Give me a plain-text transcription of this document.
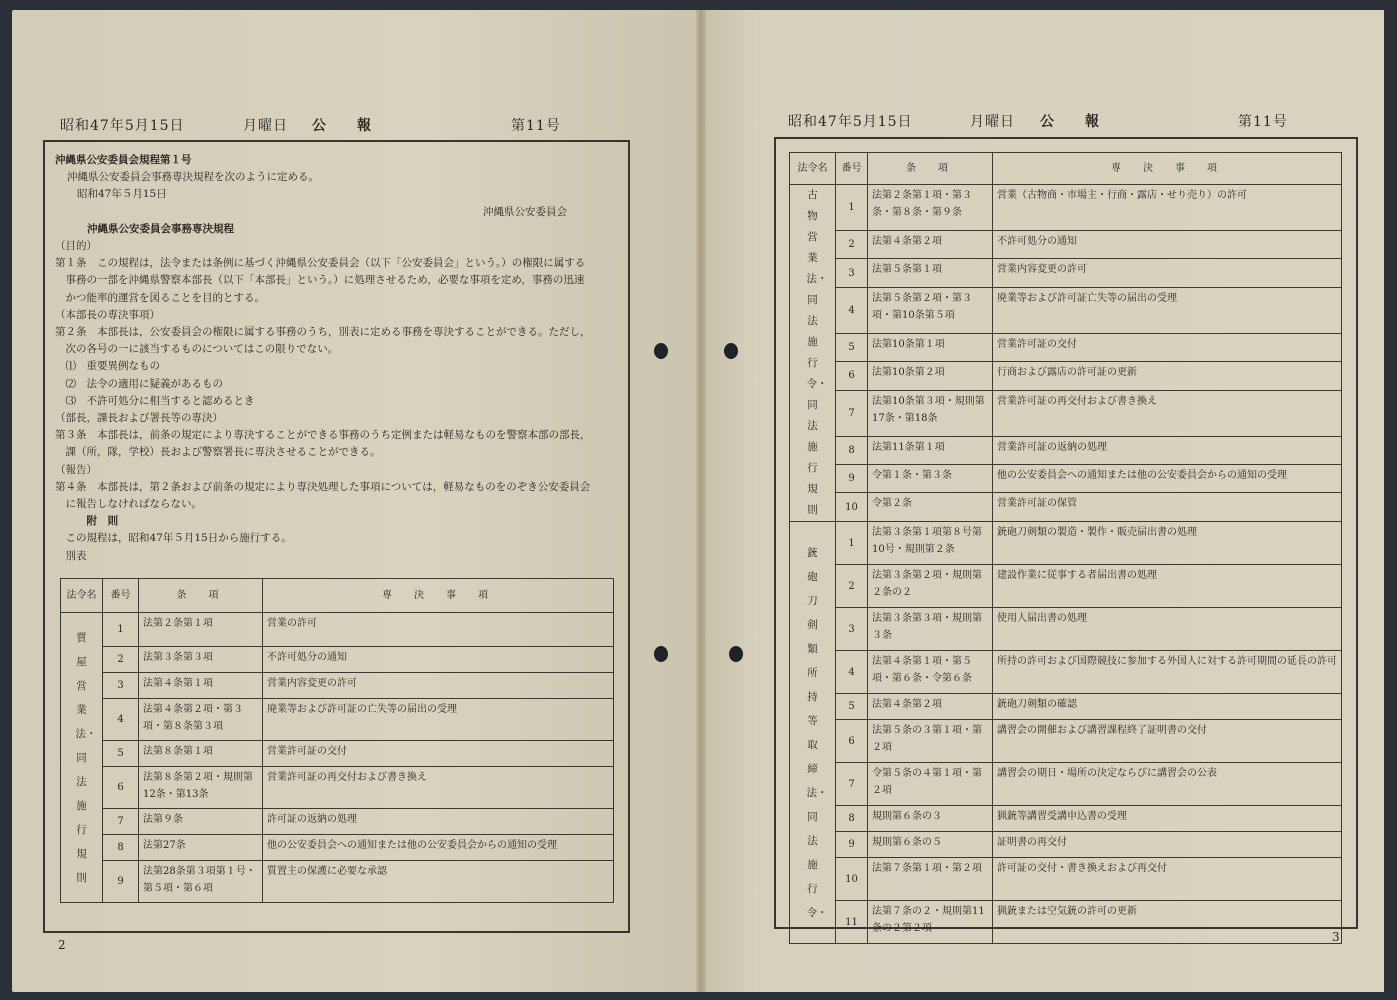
昭和47年5月15日	月曜日 公　　報	第11号
沖縄県公安委員会規程第１号
沖縄県公安委員会事務専決規程を次のように定める。
昭和47年５月15日
沖縄県公安委員会
沖縄県公安委員会事務専決規程
（目的）
第１条　この規程は，法令または条例に基づく沖縄県公安委員会（以下「公安委員会」という。）の権限に属する
　事務の一部を沖縄県警察本部長（以下「本部長」という。）に処理させるため，必要な事項を定め，事務の迅速
　かつ能率的運営を図ることを目的とする。
（本部長の専決事項）
第２条　本部長は，公安委員会の権限に属する事務のうち，別表に定める事務を専決することができる。ただし，
　次の各号の一に該当するものについてはこの限りでない。
　⑴　重要異例なもの
　⑵　法令の適用に疑義があるもの
　⑶　不許可処分に相当すると認めるとき
（部長，課長および署長等の専決）
第３条　本部長は，前条の規定により専決することができる事務のうち定例または軽易なものを警察本部の部長，
　課（所，隊，学校）長および警察署長に専決させることができる。
（報告）
第４条　本部長は，第２条および前条の規定により専決処理した事項については，軽易なものをのぞき公安委員会
　に報告しなければならない。
　　　附　則
　この規程は，昭和47年５月15日から施行する。
　別表
法令名	番号	条　項	専　決　事　項
質屋営業法・同法施行規則	1	法第２条第１項	営業の許可
	2	法第３条第３項	不許可処分の通知
	3	法第４条第１項	営業内容変更の許可
	4	法第４条第２項・第３項・第８条第３項	廃業等および許可証の亡失等の届出の受理
	5	法第８条第１項	営業許可証の交付
	6	法第８条第２項・規則第12条・第13条	営業許可証の再交付および書き換え
	7	法第９条	許可証の返納の処理
	8	法第27条	他の公安委員会への通知または他の公安委員会からの通知の受理
	9	法第28条第３項第１号・第５項・第６項	質置主の保護に必要な承認
2
昭和47年5月15日	月曜日 公　　報	第11号
法令名	番号	条　項	専　決　事　項
古物営業法・同法施行令・同法施行規則	1	法第２条第１項・第３条・第８条・第９条	営業（古物商・市場主・行商・露店・せり売り）の許可
	2	法第４条第２項	不許可処分の通知
	3	法第５条第１項	営業内容変更の許可
	4	法第５条第２項・第３項・第10条第５項	廃業等および許可証亡失等の届出の受理
	5	法第10条第１項	営業許可証の交付
	6	法第10条第２項	行商および露店の許可証の更新
	7	法第10条第３項・規則第17条・第18条	営業許可証の再交付および書き換え
	8	法第11条第１項	営業許可証の返納の処理
	9	令第１条・第３条	他の公安委員会への通知または他の公安委員会からの通知の受理
	10	令第２条	営業許可証の保管
銃砲刀剣類所持等取締法・同法施行令・	1	法第３条第１項第８号第10号・規則第２条	銃砲刀剣類の製造・製作・販売届出書の処理
	2	法第３条第２項・規則第２条の２	建設作業に従事する者届出書の処理
	3	法第３条第３項・規則第３条	使用人届出書の処理
	4	法第４条第１項・第５項・第６条・令第６条	所持の許可および国際競技に参加する外国人に対する許可期間の延長の許可
	5	法第４条第２項	銃砲刀剣類の確認
	6	法第５条の３第１項・第２項	講習会の開催および講習課程終了証明書の交付
	7	令第５条の４第１項・第２項	講習会の期日・場所の決定ならびに講習会の公表
	8	規則第６条の３	猟銃等講習受講申込書の受理
	9	規則第６条の５	証明書の再交付
	10	法第７条第１項・第２項	許可証の交付・書き換えおよび再交付
	11	法第７条の２・規則第11条の２第２項	猟銃または空気銃の許可の更新
3
